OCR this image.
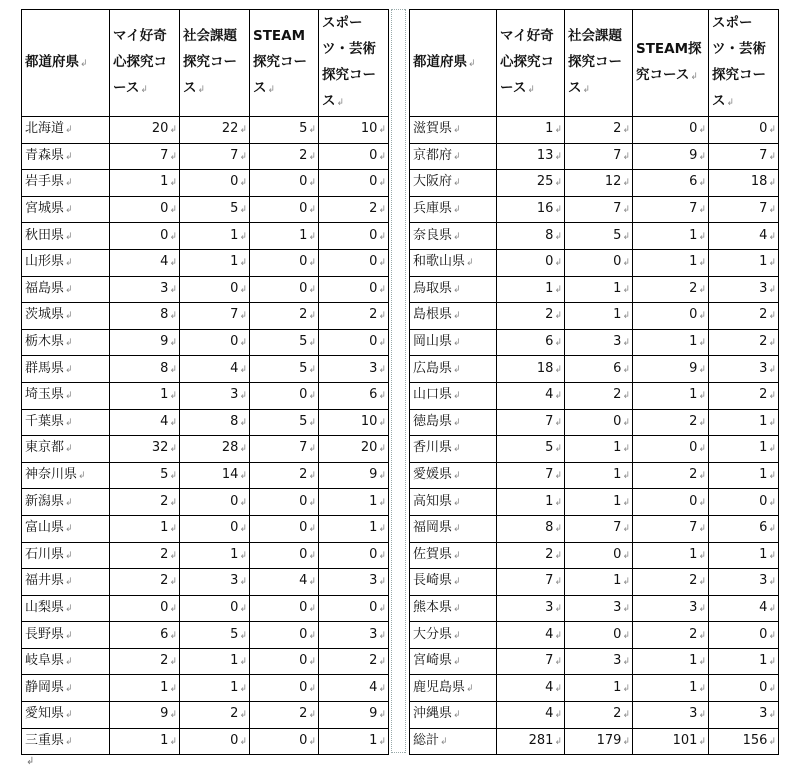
都道府県↲	マイ好奇心探究コース↲	社会課題探究コース↲	STEAM探究コース↲	スポーツ・芸術探究コース↲
北海道↲	20↲	22↲	5↲	10↲
青森県↲	7↲	7↲	2↲	0↲
岩手県↲	1↲	0↲	0↲	0↲
宮城県↲	0↲	5↲	0↲	2↲
秋田県↲	0↲	1↲	1↲	0↲
山形県↲	4↲	1↲	0↲	0↲
福島県↲	3↲	0↲	0↲	0↲
茨城県↲	8↲	7↲	2↲	2↲
栃木県↲	9↲	0↲	5↲	0↲
群馬県↲	8↲	4↲	5↲	3↲
埼玉県↲	1↲	3↲	0↲	6↲
千葉県↲	4↲	8↲	5↲	10↲
東京都↲	32↲	28↲	7↲	20↲
神奈川県↲	5↲	14↲	2↲	9↲
新潟県↲	2↲	0↲	0↲	1↲
富山県↲	1↲	0↲	0↲	1↲
石川県↲	2↲	1↲	0↲	0↲
福井県↲	2↲	3↲	4↲	3↲
山梨県↲	0↲	0↲	0↲	0↲
長野県↲	6↲	5↲	0↲	3↲
岐阜県↲	2↲	1↲	0↲	2↲
静岡県↲	1↲	1↲	0↲	4↲
愛知県↲	9↲	2↲	2↲	9↲
三重県↲	1↲	0↲	0↲	1↲
都道府県↲	マイ好奇心探究コース↲	社会課題探究コース↲	STEAM探究コース↲	スポーツ・芸術探究コース↲
滋賀県↲	1↲	2↲	0↲	0↲
京都府↲	13↲	7↲	9↲	7↲
大阪府↲	25↲	12↲	6↲	18↲
兵庫県↲	16↲	7↲	7↲	7↲
奈良県↲	8↲	5↲	1↲	4↲
和歌山県↲	0↲	0↲	1↲	1↲
鳥取県↲	1↲	1↲	2↲	3↲
島根県↲	2↲	1↲	0↲	2↲
岡山県↲	6↲	3↲	1↲	2↲
広島県↲	18↲	6↲	9↲	3↲
山口県↲	4↲	2↲	1↲	2↲
徳島県↲	7↲	0↲	2↲	1↲
香川県↲	5↲	1↲	0↲	1↲
愛媛県↲	7↲	1↲	2↲	1↲
高知県↲	1↲	1↲	0↲	0↲
福岡県↲	8↲	7↲	7↲	6↲
佐賀県↲	2↲	0↲	1↲	1↲
長崎県↲	7↲	1↲	2↲	3↲
熊本県↲	3↲	3↲	3↲	4↲
大分県↲	4↲	0↲	2↲	0↲
宮崎県↲	7↲	3↲	1↲	1↲
鹿児島県↲	4↲	1↲	1↲	0↲
沖縄県↲	4↲	2↲	3↲	3↲
総計↲	281↲	179↲	101↲	156↲
↲
